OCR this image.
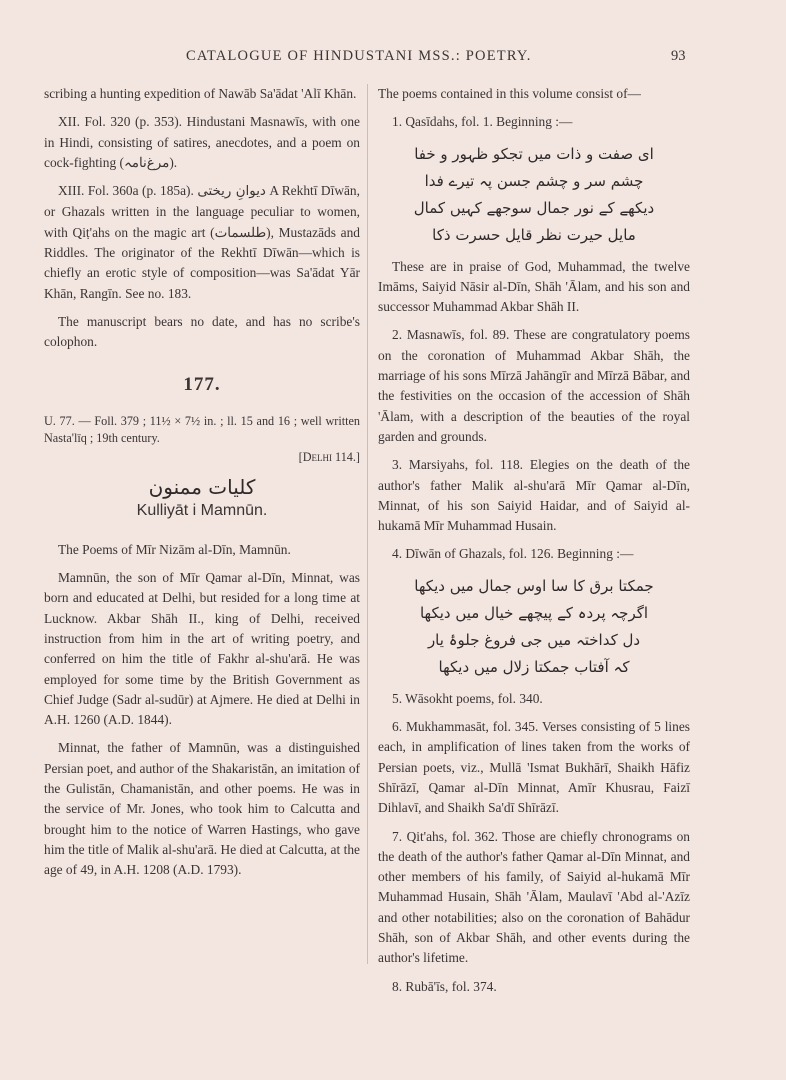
CATALOGUE OF HINDUSTANI MSS.: POETRY.	93

scribing a hunting expedition of Nawāb Sa'ādat 'Alī Khān.

XII. Fol. 320 (p. 353). Hindustani Masnawīs, with one in Hindi, consisting of satires, anecdotes, and a poem on cock-fighting (مرغ‌نامہ).

XIII. Fol. 360a (p. 185a). دیوانِ ریختی A Rekhtī Dīwān, or Ghazals written in the language peculiar to women, with Qiṭ'ahs on the magic art (طلسمات), Mustazāds and Riddles. The originator of the Rekhtī Dīwān—which is chiefly an erotic style of composition—was Sa'ādat Yār Khān, Rangīn. See no. 183.

The manuscript bears no date, and has no scribe's colophon.

177.

U. 77. — Foll. 379 ; 11½ × 7½ in. ; ll. 15 and 16 ; well written Nasta'līq ; 19th century.

[Delhi 114.]

کلیات ممنون
Kulliyāt i Mamnūn.

The Poems of Mīr Nizām al-Dīn, Mamnūn.

Mamnūn, the son of Mīr Qamar al-Dīn, Minnat, was born and educated at Delhi, but resided for a long time at Lucknow. Akbar Shāh II., king of Delhi, received instruction from him in the art of writing poetry, and conferred on him the title of Fakhr al-shu'arā. He was employed for some time by the British Government as Chief Judge (Sadr al-sudūr) at Ajmere. He died at Delhi in A.H. 1260 (A.D. 1844).

Minnat, the father of Mamnūn, was a distinguished Persian poet, and author of the Shakaristān, an imitation of the Gulistān, Chamanistān, and other poems. He was in the service of Mr. Jones, who took him to Calcutta and brought him to the notice of Warren Hastings, who gave him the title of Malik al-shu'arā. He died at Calcutta, at the age of 49, in A.H. 1208 (A.D. 1793).

The poems contained in this volume consist of—

1. Qasīdahs, fol. 1. Beginning :—

ای صفت و ذات میں تجکو ظہور و خفا

چشم سر و چشم جسن پہ تیرے فدا

دیکھے کے نور جمال سوجھے کہیں کمال

مایل حیرت نظر قایل حسرت ذکا

These are in praise of God, Muhammad, the twelve Imāms, Saiyid Nāsir al-Dīn, Shāh 'Ālam, and his son and successor Muhammad Akbar Shāh II.

2. Masnawīs, fol. 89. These are congratulatory poems on the coronation of Muhammad Akbar Shāh, the marriage of his sons Mīrzā Jahāngīr and Mīrzā Bābar, and the festivities on the occasion of the accession of Shāh 'Ālam, with a description of the beauties of the royal garden and grounds.

3. Marsiyahs, fol. 118. Elegies on the death of the author's father Malik al-shu'arā Mīr Qamar al-Dīn, Minnat, of his son Saiyid Haidar, and of Saiyid al-hukamā Mīr Muhammad Husain.

4. Dīwān of Ghazals, fol. 126. Beginning :—

جمکتا برق کا سا اوس جمال میں دیکھا

اگرچہ پردہ کے پیچھے خیال میں دیکھا

دل کداختہ میں جی فروغ جلوۂ یار

کہ آفتاب جمکتا زلال میں دیکھا

5. Wāsokht poems, fol. 340.

6. Mukhammasāt, fol. 345. Verses consisting of 5 lines each, in amplification of lines taken from the works of Persian poets, viz., Mullā 'Ismat Bukhārī, Shaikh Hāfiz Shīrāzī, Qamar al-Dīn Minnat, Amīr Khusrau, Faizī Dihlavī, and Shaikh Sa'dī Shīrāzī.

7. Qit'ahs, fol. 362. Those are chiefly chronograms on the death of the author's father Qamar al-Dīn Minnat, and other members of his family, of Saiyid al-hukamā Mīr Muhammad Husain, Shāh 'Ālam, Maulavī 'Abd al-'Azīz and other notabilities; also on the coronation of Bahādur Shāh, son of Akbar Shāh, and other events during the author's lifetime.

8. Rubā'īs, fol. 374.
